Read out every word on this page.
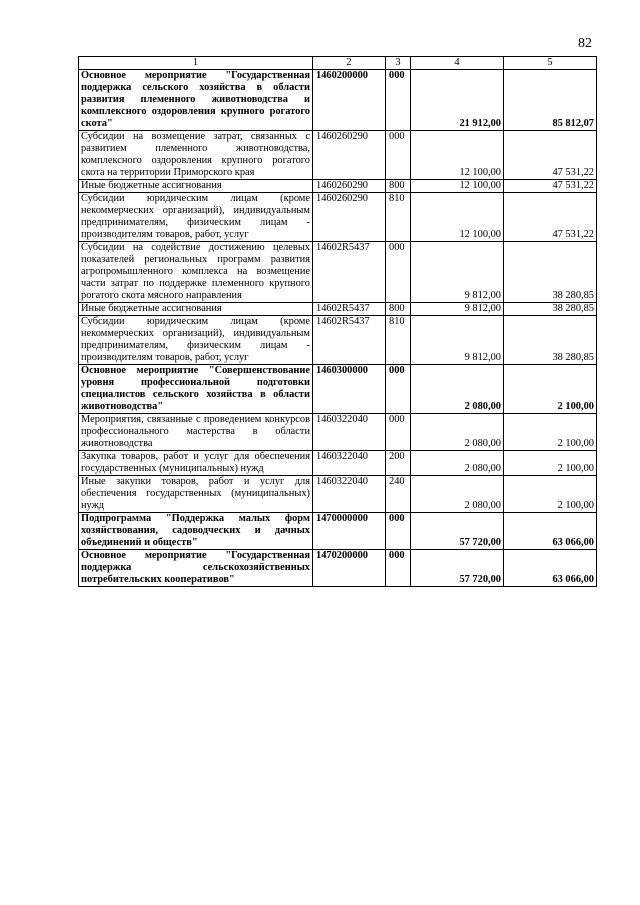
82
1	2	3	4	5
Основное мероприятие "Государственная поддержка сельского хозяйства в области развития племенного животноводства и комплексного оздоровления крупного рогатого скота"	1460200000	000	21 912,00	85 812,07
Субсидии на возмещение затрат, связанных с развитием племенного животноводства, комплексного оздоровления крупного рогатого скота на территории Приморского края	1460260290	000	12 100,00	47 531,22
Иные бюджетные ассигнования	1460260290	800	12 100,00	47 531,22
Субсидии юридическим лицам (кроме некоммерческих организаций), индивидуальным предпринимателям, физическим лицам - производителям товаров, работ, услуг	1460260290	810	12 100,00	47 531,22
Субсидии на содействие достижению целевых показателей региональных программ развития агропромышленного комплекса на возмещение части затрат по поддержке племенного крупного рогатого скота мясного направления	14602R5437	000	9 812,00	38 280,85
Иные бюджетные ассигнования	14602R5437	800	9 812,00	38 280,85
Субсидии юридическим лицам (кроме некоммерческих организаций), индивидуальным предпринимателям, физическим лицам - производителям товаров, работ, услуг	14602R5437	810	9 812,00	38 280,85
Основное мероприятие "Совершенствование уровня профессиональной подготовки специалистов сельского хозяйства в области животноводства"	1460300000	000	2 080,00	2 100,00
Мероприятия, связанные с проведением конкурсов профессионального мастерства в области животноводства	1460322040	000	2 080,00	2 100,00
Закупка товаров, работ и услуг для обеспечения государственных (муниципальных) нужд	1460322040	200	2 080,00	2 100,00
Иные закупки товаров, работ и услуг для обеспечения государственных (муниципальных) нужд	1460322040	240	2 080,00	2 100,00
Подпрограмма "Поддержка малых форм хозяйствования, садоводческих и дачных объединений и обществ"	1470000000	000	57 720,00	63 066,00
Основное мероприятие "Государственная поддержка сельскохозяйственных потребительских кооперативов"	1470200000	000	57 720,00	63 066,00
